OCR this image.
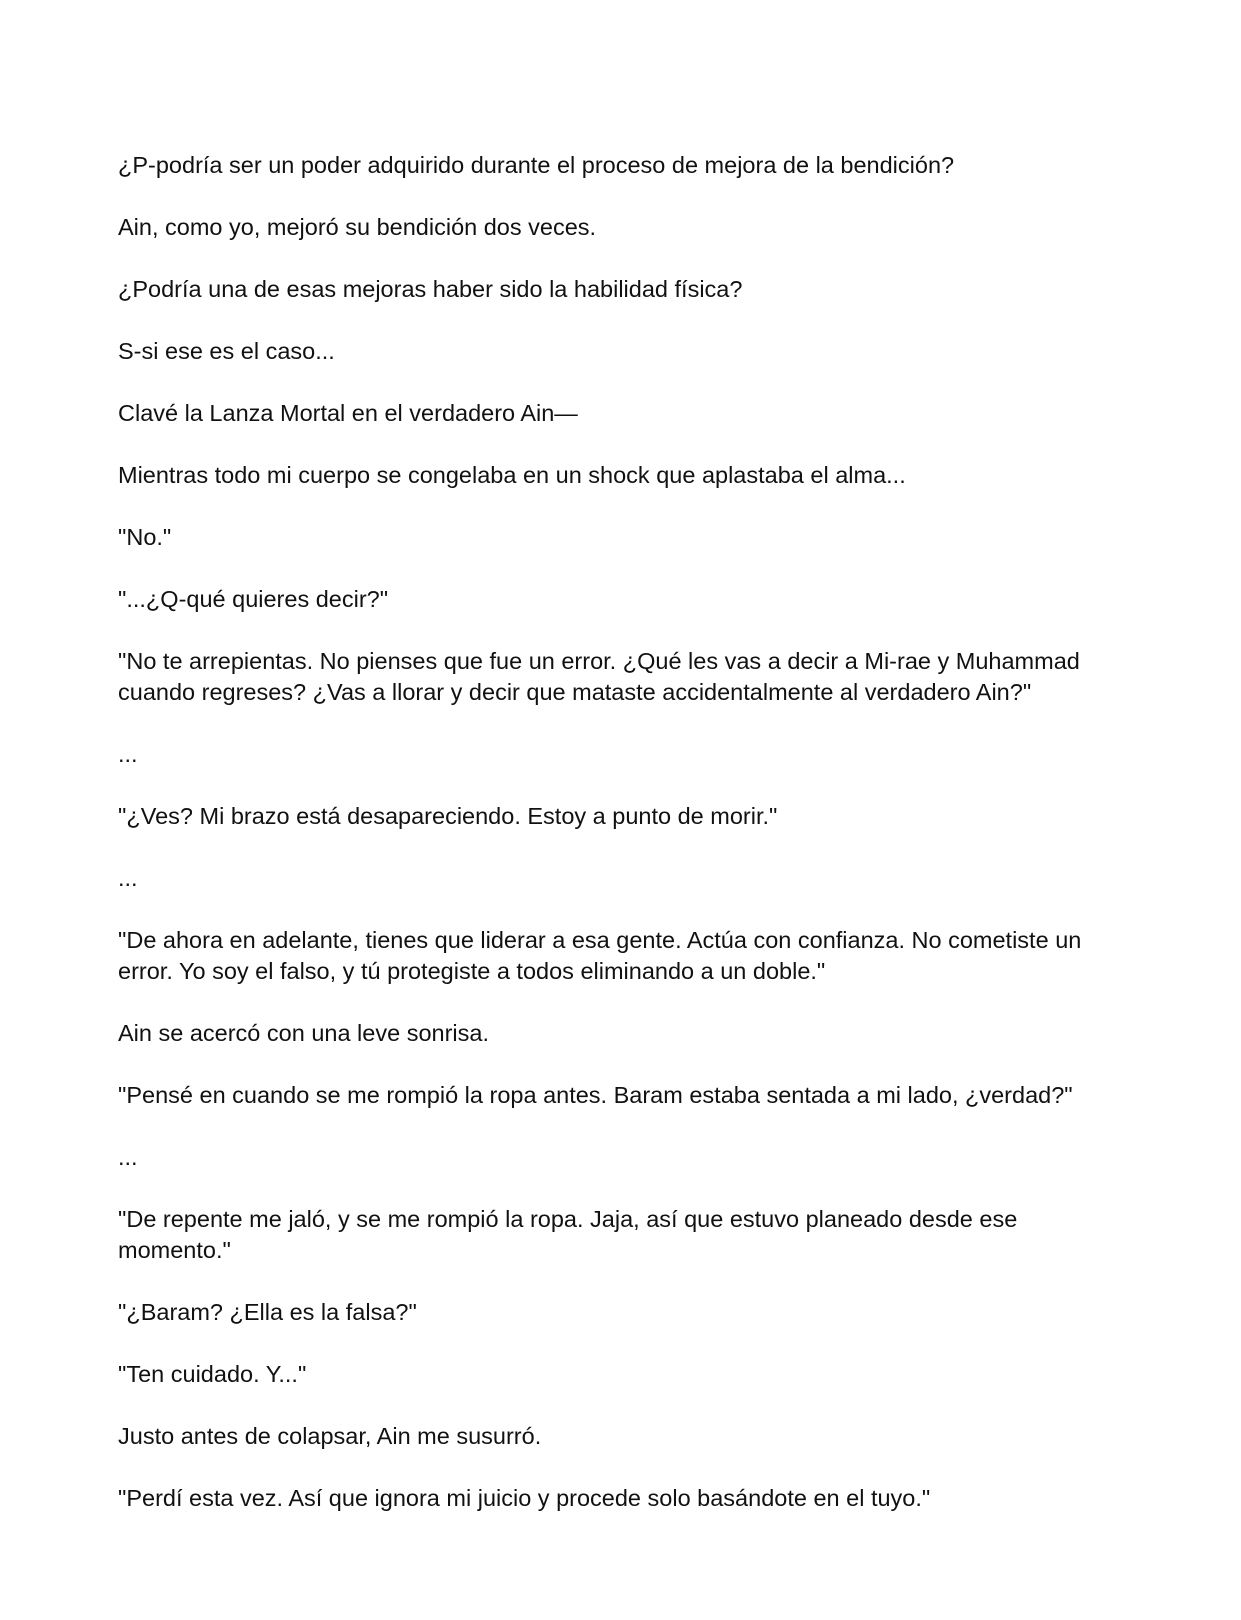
¿P-podría ser un poder adquirido durante el proceso de mejora de la bendición?

Ain, como yo, mejoró su bendición dos veces.

¿Podría una de esas mejoras haber sido la habilidad física?

S-si ese es el caso...

Clavé la Lanza Mortal en el verdadero Ain—

Mientras todo mi cuerpo se congelaba en un shock que aplastaba el alma...

"No."

"...¿Q-qué quieres decir?"

"No te arrepientas. No pienses que fue un error. ¿Qué les vas a decir a Mi-rae y Muhammad cuando regreses? ¿Vas a llorar y decir que mataste accidentalmente al verdadero Ain?"

...

"¿Ves? Mi brazo está desapareciendo. Estoy a punto de morir."

...

"De ahora en adelante, tienes que liderar a esa gente. Actúa con confianza. No cometiste un error. Yo soy el falso, y tú protegiste a todos eliminando a un doble."

Ain se acercó con una leve sonrisa.

"Pensé en cuando se me rompió la ropa antes. Baram estaba sentada a mi lado, ¿verdad?"

...

"De repente me jaló, y se me rompió la ropa. Jaja, así que estuvo planeado desde ese momento."

"¿Baram? ¿Ella es la falsa?"

"Ten cuidado. Y..."

Justo antes de colapsar, Ain me susurró.

"Perdí esta vez. Así que ignora mi juicio y procede solo basándote en el tuyo."
